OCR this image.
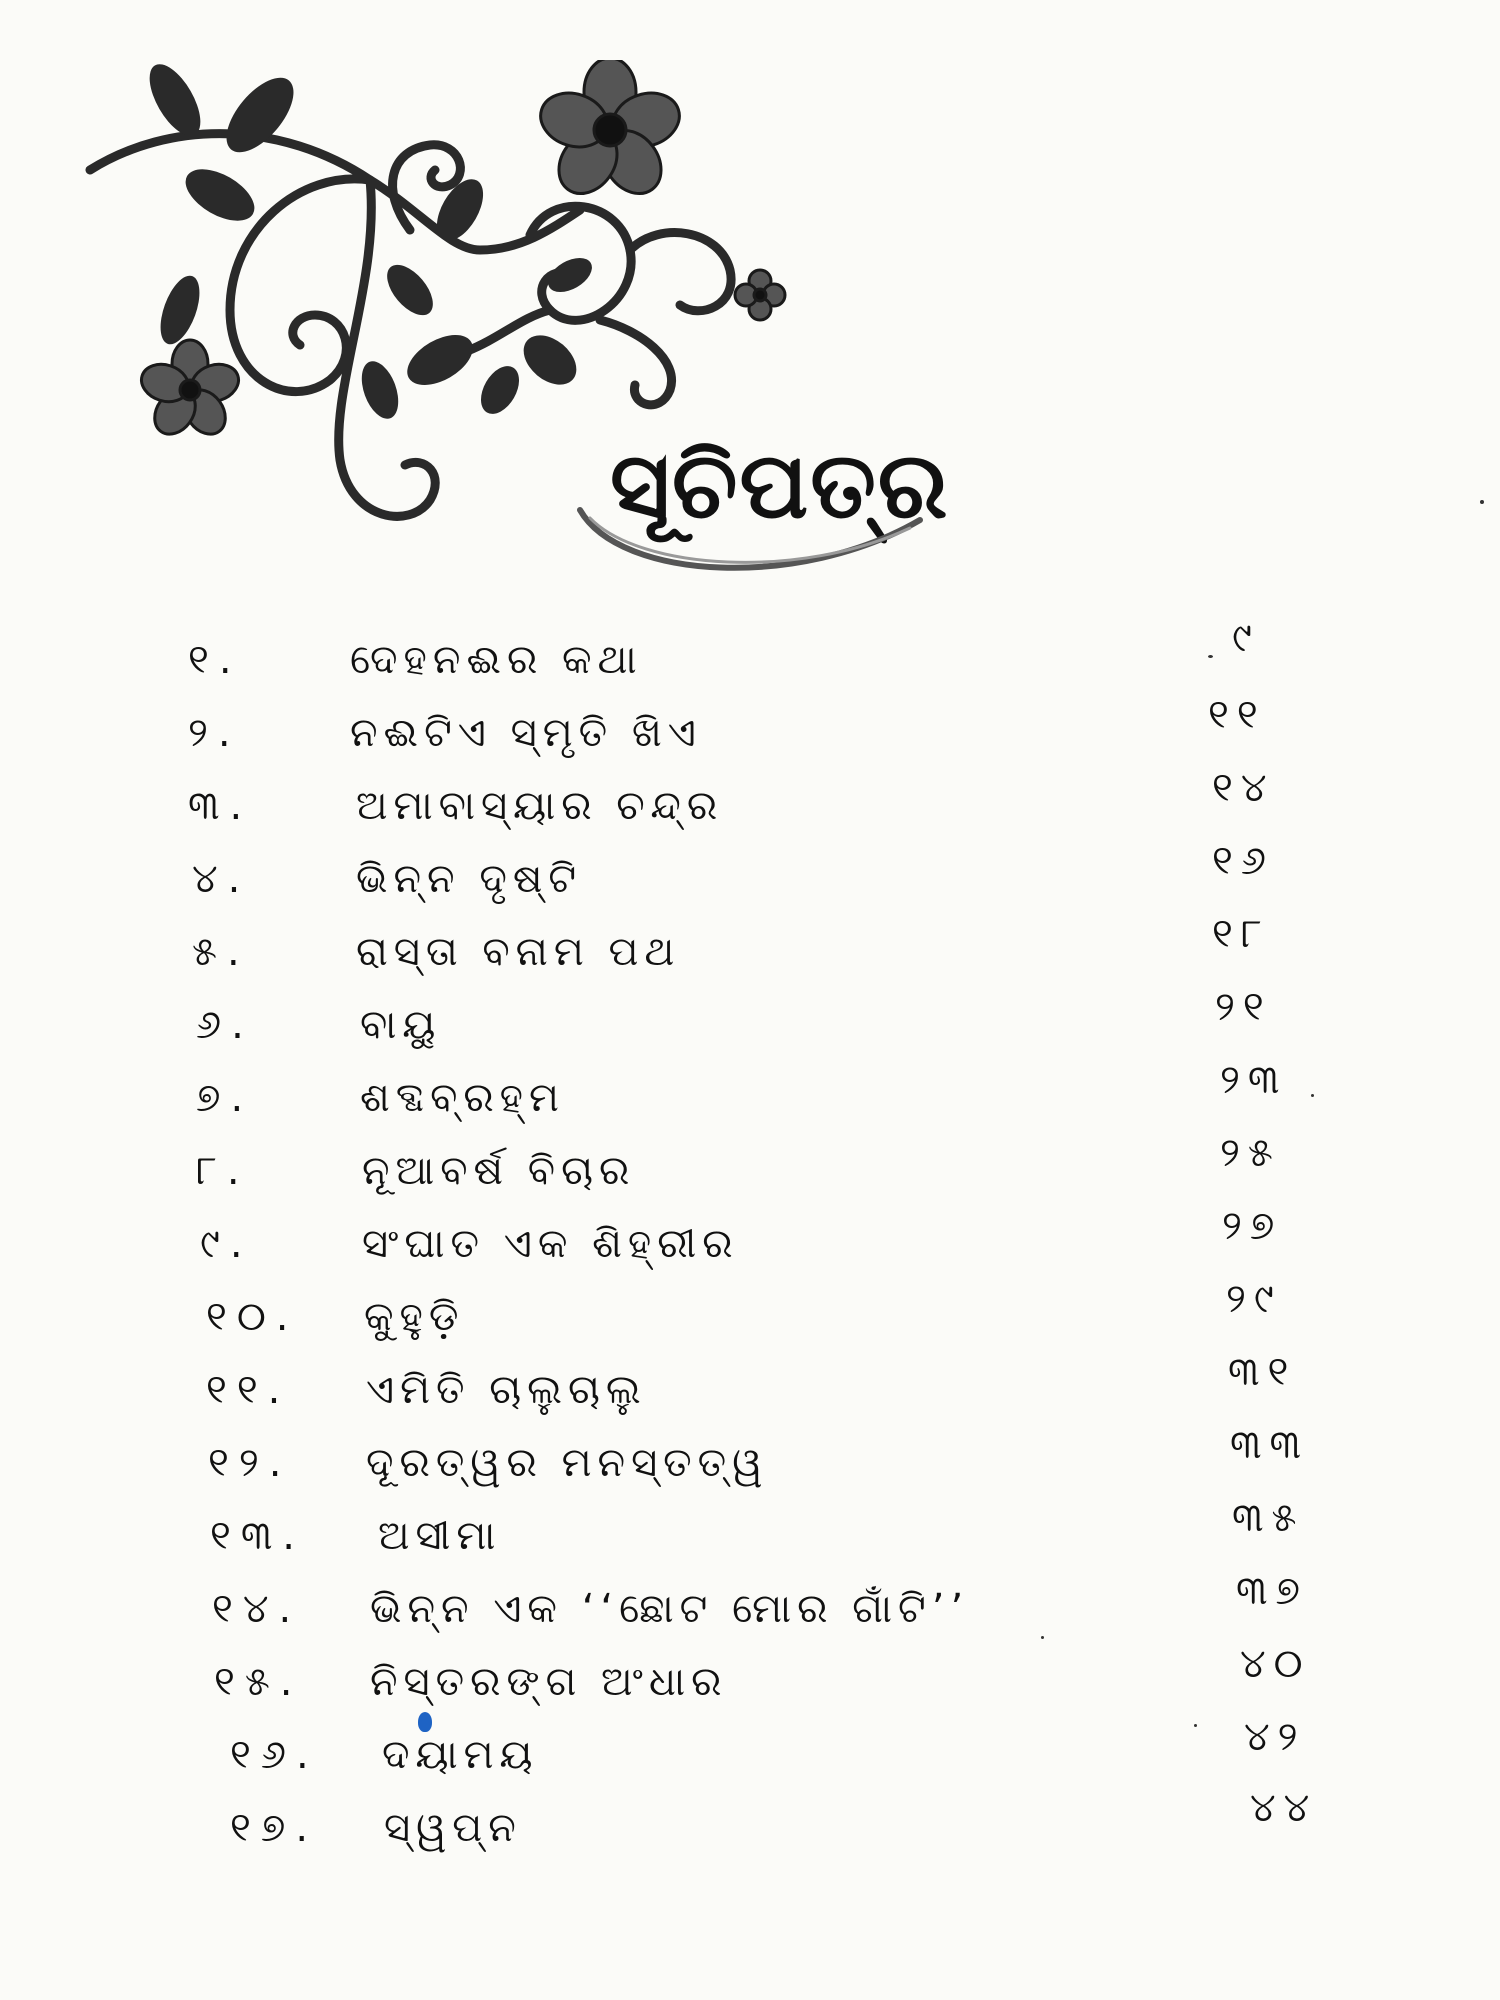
ସୂଚିପତ୍ର
୧.	ଦେହନଈର କଥା	୯
୨.	ନଈଟିଏ ସ୍ମୃତି ଖିଏ	୧୧
୩.	ଅମାବାସ୍ୟାର ଚନ୍ଦ୍ର	୧୪
୪.	ଭିନ୍ନ ଦୃଷ୍ଟି	୧୬
୫.	ରାସ୍ତା ବନାମ ପଥ	୧୮
୬.	ବାୟୁ	୨୧
୭.	ଶବ୍ଦବ୍ରହ୍ମ	୨୩
୮.	ନୂଆବର୍ଷ ବିଚାର	୨୫
୯.	ସଂଘାତ ଏକ ଶିହ୍ରୀର	୨୭
୧୦. କୁହୁଡ଼ି	୨୯
୧୧. ଏମିତି ଚାଲୁଚାଲୁ	୩୧
୧୨. ଦୂରତ୍ୱର ମନସ୍ତତ୍ୱ	୩୩
୧୩. ଅସୀମା	୩୫
୧୪. ଭିନ୍ନ ଏକ ‘‘ଛୋଟ ମୋର ଗାଁଟି’’	୩୭
୧୫. ନିସ୍ତରଙ୍ଗ ଅଂଧାର	୪୦
୧୬. ଦୟାମୟ	୪୨
୧୭. ସ୍ୱପ୍ନ	୪୪
